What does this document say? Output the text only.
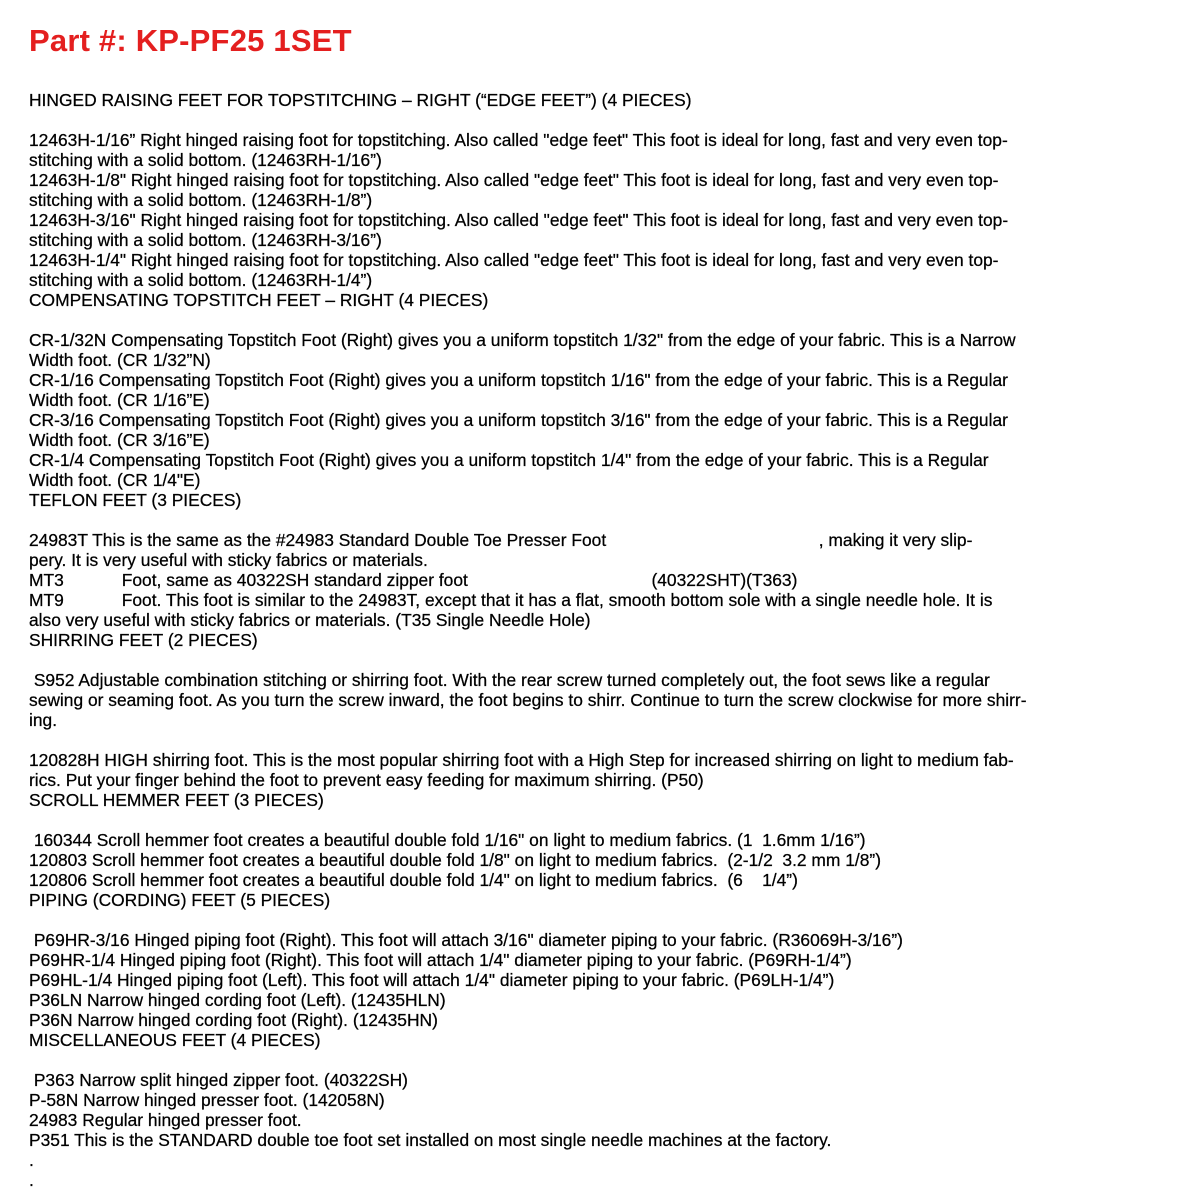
Part #: KP-PF25 1SET
HINGED RAISING FEET FOR TOPSTITCHING – RIGHT (“EDGE FEET”) (4 PIECES)
12463H-1/16” Right hinged raising foot for topstitching. Also called "edge feet" This foot is ideal for long, fast and very even top-
stitching with a solid bottom. (12463RH-1/16”)
12463H-1/8" Right hinged raising foot for topstitching. Also called "edge feet" This foot is ideal for long, fast and very even top-
stitching with a solid bottom. (12463RH-1/8”)
12463H-3/16" Right hinged raising foot for topstitching. Also called "edge feet" This foot is ideal for long, fast and very even top-
stitching with a solid bottom. (12463RH-3/16”)
12463H-1/4" Right hinged raising foot for topstitching. Also called "edge feet" This foot is ideal for long, fast and very even top-
stitching with a solid bottom. (12463RH-1/4”)
COMPENSATING TOPSTITCH FEET – RIGHT (4 PIECES)
CR-1/32N Compensating Topstitch Foot (Right) gives you a uniform topstitch 1/32" from the edge of your fabric. This is a Narrow
Width foot. (CR 1/32”N)
CR-1/16 Compensating Topstitch Foot (Right) gives you a uniform topstitch 1/16" from the edge of your fabric. This is a Regular
Width foot. (CR 1/16”E)
CR-3/16 Compensating Topstitch Foot (Right) gives you a uniform topstitch 3/16" from the edge of your fabric. This is a Regular
Width foot. (CR 3/16”E)
CR-1/4 Compensating Topstitch Foot (Right) gives you a uniform topstitch 1/4" from the edge of your fabric. This is a Regular
Width foot. (CR 1/4"E)
TEFLON FEET (3 PIECES)
24983T This is the same as the #24983 Standard Double Toe Presser Foot                                            , making it very slip-
pery. It is very useful with sticky fabrics or materials.
MT3            Foot, same as 40322SH standard zipper foot                                      (40322SHT)(T363)
MT9            Foot. This foot is similar to the 24983T, except that it has a flat, smooth bottom sole with a single needle hole. It is
also very useful with sticky fabrics or materials. (T35 Single Needle Hole)
SHIRRING FEET (2 PIECES)
S952 Adjustable combination stitching or shirring foot. With the rear screw turned completely out, the foot sews like a regular
sewing or seaming foot. As you turn the screw inward, the foot begins to shirr. Continue to turn the screw clockwise for more shirr-
ing.
120828H HIGH shirring foot. This is the most popular shirring foot with a High Step for increased shirring on light to medium fab-
rics. Put your finger behind the foot to prevent easy feeding for maximum shirring. (P50)
SCROLL HEMMER FEET (3 PIECES)
160344 Scroll hemmer foot creates a beautiful double fold 1/16" on light to medium fabrics. (1  1.6mm 1/16”)
120803 Scroll hemmer foot creates a beautiful double fold 1/8" on light to medium fabrics.  (2-1/2  3.2 mm 1/8”)
120806 Scroll hemmer foot creates a beautiful double fold 1/4" on light to medium fabrics.  (6    1/4”)
PIPING (CORDING) FEET (5 PIECES)
P69HR-3/16 Hinged piping foot (Right). This foot will attach 3/16" diameter piping to your fabric. (R36069H-3/16”)
P69HR-1/4 Hinged piping foot (Right). This foot will attach 1/4" diameter piping to your fabric. (P69RH-1/4”)
P69HL-1/4 Hinged piping foot (Left). This foot will attach 1/4" diameter piping to your fabric. (P69LH-1/4”)
P36LN Narrow hinged cording foot (Left). (12435HLN)
P36N Narrow hinged cording foot (Right). (12435HN)
MISCELLANEOUS FEET (4 PIECES)
P363 Narrow split hinged zipper foot. (40322SH)
P-58N Narrow hinged presser foot. (142058N)
24983 Regular hinged presser foot.
P351 This is the STANDARD double toe foot set installed on most single needle machines at the factory.
.
.
